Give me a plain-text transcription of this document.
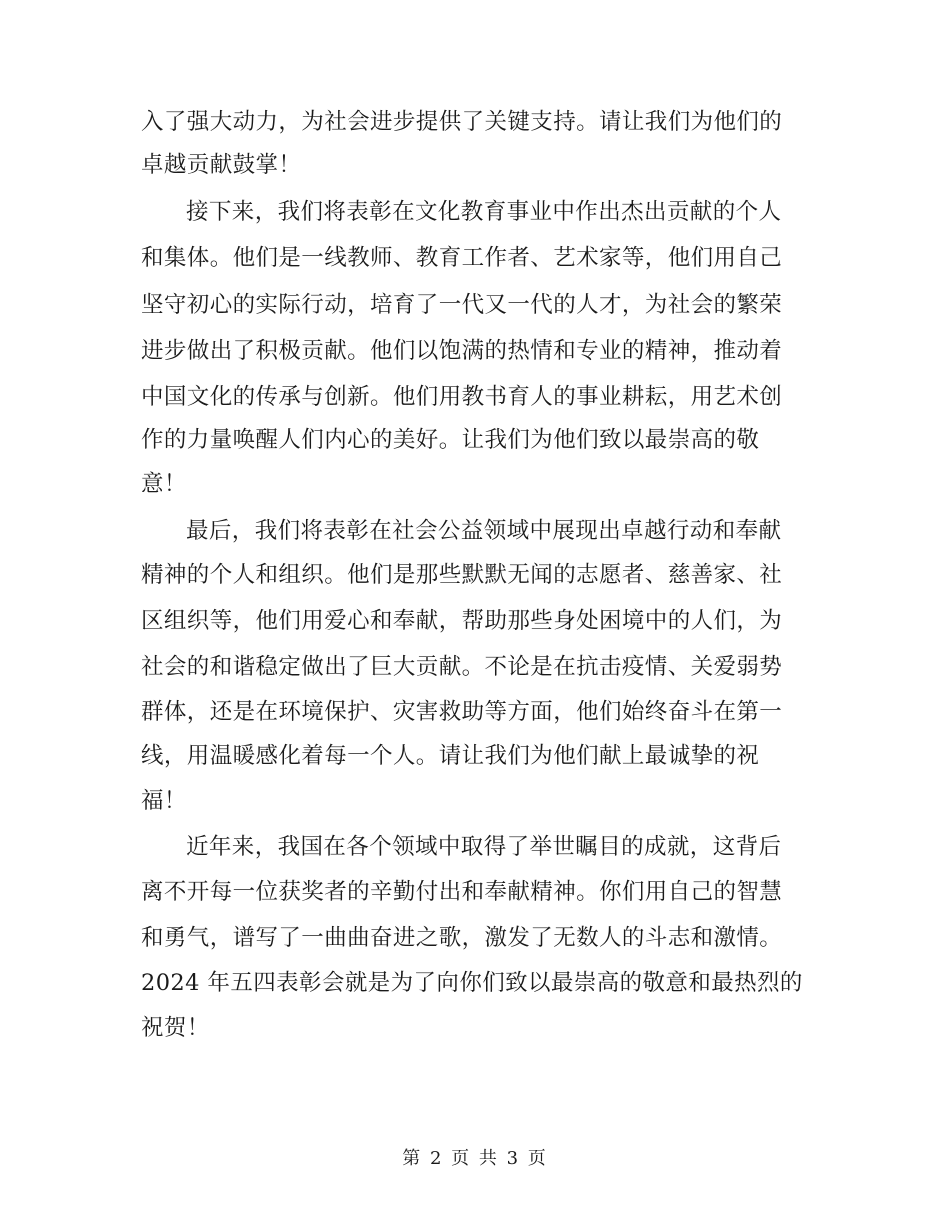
入了强大动力，为社会进步提供了关键支持。请让我们为他们的
卓越贡献鼓掌！
接下来，我们将表彰在文化教育事业中作出杰出贡献的个人
和集体。他们是一线教师、教育工作者、艺术家等，他们用自己
坚守初心的实际行动，培育了一代又一代的人才，为社会的繁荣
进步做出了积极贡献。他们以饱满的热情和专业的精神，推动着
中国文化的传承与创新。他们用教书育人的事业耕耘，用艺术创
作的力量唤醒人们内心的美好。让我们为他们致以最崇高的敬
意！
最后，我们将表彰在社会公益领域中展现出卓越行动和奉献
精神的个人和组织。他们是那些默默无闻的志愿者、慈善家、社
区组织等，他们用爱心和奉献，帮助那些身处困境中的人们，为
社会的和谐稳定做出了巨大贡献。不论是在抗击疫情、关爱弱势
群体，还是在环境保护、灾害救助等方面，他们始终奋斗在第一
线，用温暖感化着每一个人。请让我们为他们献上最诚挚的祝
福！
近年来，我国在各个领域中取得了举世瞩目的成就，这背后
离不开每一位获奖者的辛勤付出和奉献精神。你们用自己的智慧
和勇气，谱写了一曲曲奋进之歌，激发了无数人的斗志和激情。
2024 年五四表彰会就是为了向你们致以最崇高的敬意和最热烈的
祝贺！
第 2 页 共 3 页
